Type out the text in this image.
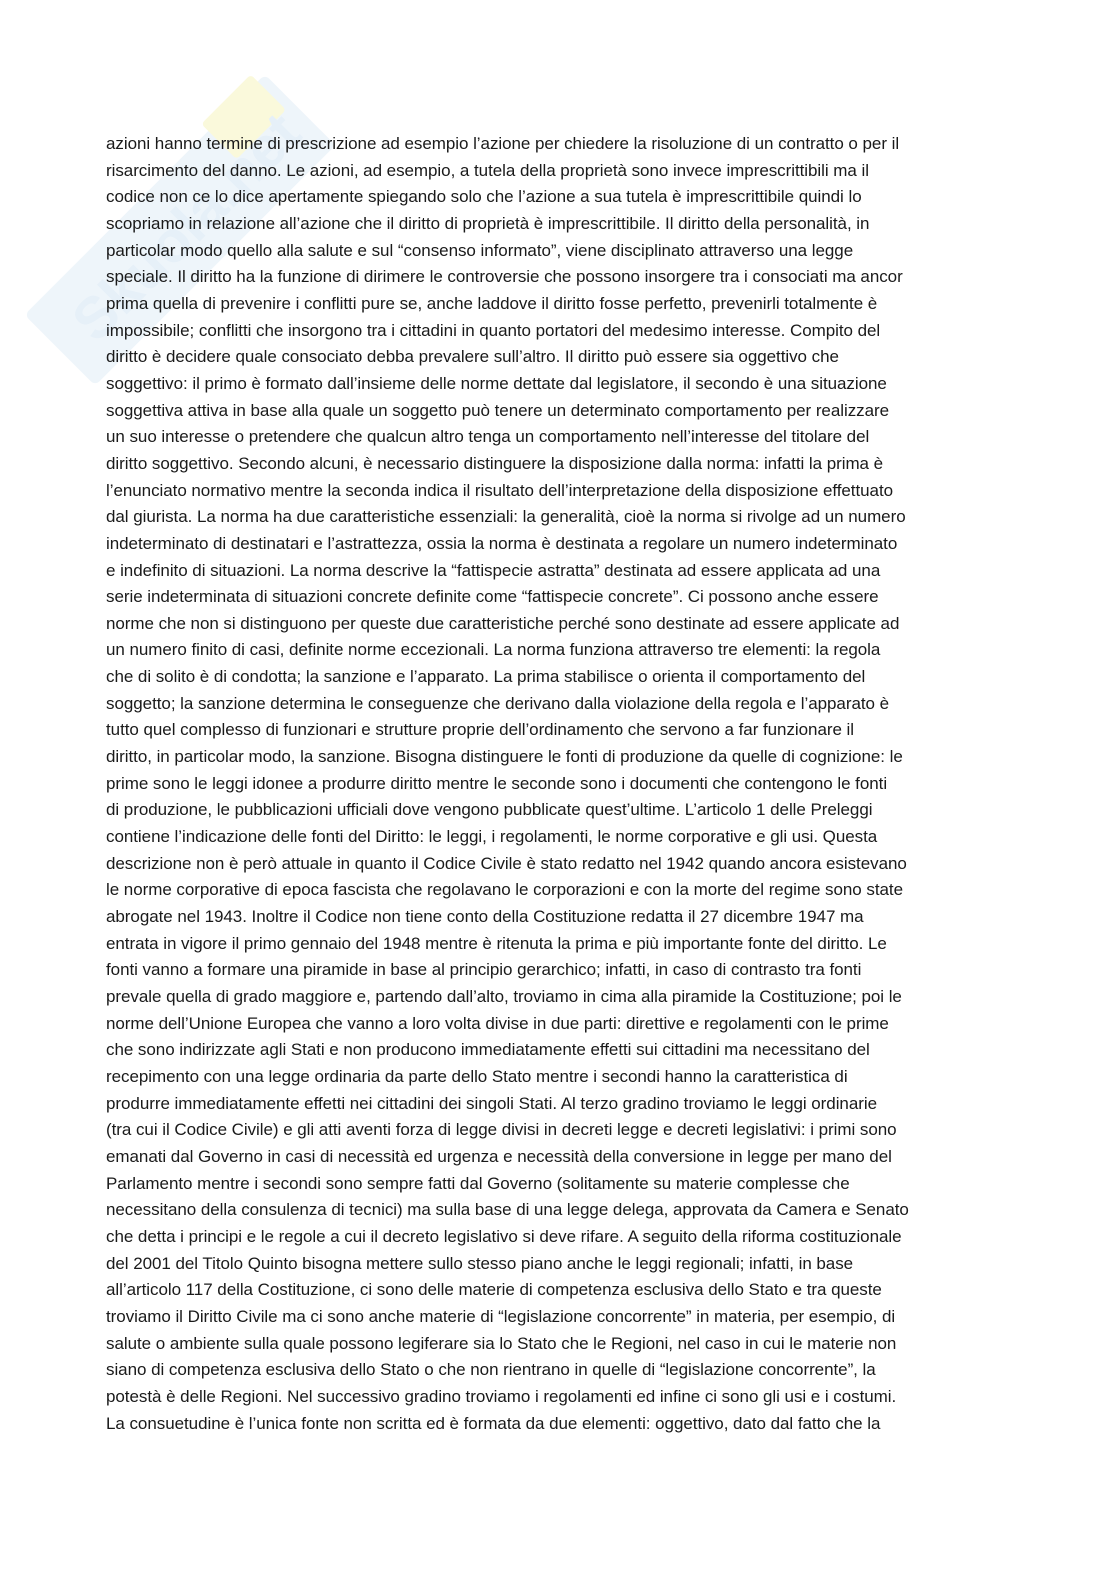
Skuola.net
azioni hanno termine di prescrizione ad esempio l’azione per chiedere la risoluzione di un contratto o per il
risarcimento del danno. Le azioni, ad esempio, a tutela della proprietà sono invece imprescrittibili ma il
codice non ce lo dice apertamente spiegando solo che l’azione a sua tutela è imprescrittibile quindi lo
scopriamo in relazione all’azione che il diritto di proprietà è imprescrittibile. Il diritto della personalità, in
particolar modo quello alla salute e sul “consenso informato”, viene disciplinato attraverso una legge
speciale. Il diritto ha la funzione di dirimere le controversie che possono insorgere tra i consociati ma ancor
prima quella di prevenire i conflitti pure se, anche laddove il diritto fosse perfetto, prevenirli totalmente è
impossibile; conflitti che insorgono tra i cittadini in quanto portatori del medesimo interesse. Compito del
diritto è decidere quale consociato debba prevalere sull’altro. Il diritto può essere sia oggettivo che
soggettivo: il primo è formato dall’insieme delle norme dettate dal legislatore, il secondo è una situazione
soggettiva attiva in base alla quale un soggetto può tenere un determinato comportamento per realizzare
un suo interesse o pretendere che qualcun altro tenga un comportamento nell’interesse del titolare del
diritto soggettivo. Secondo alcuni, è necessario distinguere la disposizione dalla norma: infatti la prima è
l’enunciato normativo mentre la seconda indica il risultato dell’interpretazione della disposizione effettuato
dal giurista. La norma ha due caratteristiche essenziali: la generalità, cioè la norma si rivolge ad un numero
indeterminato di destinatari e l’astrattezza, ossia la norma è destinata a regolare un numero indeterminato
e indefinito di situazioni. La norma descrive la “fattispecie astratta” destinata ad essere applicata ad una
serie indeterminata di situazioni concrete definite come “fattispecie concrete”. Ci possono anche essere
norme che non si distinguono per queste due caratteristiche perché sono destinate ad essere applicate ad
un numero finito di casi, definite norme eccezionali. La norma funziona attraverso tre elementi: la regola
che di solito è di condotta; la sanzione e l’apparato. La prima stabilisce o orienta il comportamento del
soggetto; la sanzione determina le conseguenze che derivano dalla violazione della regola e l’apparato è
tutto quel complesso di funzionari e strutture proprie dell’ordinamento che servono a far funzionare il
diritto, in particolar modo, la sanzione. Bisogna distinguere le fonti di produzione da quelle di cognizione: le
prime sono le leggi idonee a produrre diritto mentre le seconde sono i documenti che contengono le fonti
di produzione, le pubblicazioni ufficiali dove vengono pubblicate quest’ultime. L’articolo 1 delle Preleggi
contiene l’indicazione delle fonti del Diritto: le leggi, i regolamenti, le norme corporative e gli usi. Questa
descrizione non è però attuale in quanto il Codice Civile è stato redatto nel 1942 quando ancora esistevano
le norme corporative di epoca fascista che regolavano le corporazioni e con la morte del regime sono state
abrogate nel 1943. Inoltre il Codice non tiene conto della Costituzione redatta il 27 dicembre 1947 ma
entrata in vigore il primo gennaio del 1948 mentre è ritenuta la prima e più importante fonte del diritto. Le
fonti vanno a formare una piramide in base al principio gerarchico; infatti, in caso di contrasto tra fonti
prevale quella di grado maggiore e, partendo dall’alto, troviamo in cima alla piramide la Costituzione; poi le
norme dell’Unione Europea che vanno a loro volta divise in due parti: direttive e regolamenti con le prime
che sono indirizzate agli Stati e non producono immediatamente effetti sui cittadini ma necessitano del
recepimento con una legge ordinaria da parte dello Stato mentre i secondi hanno la caratteristica di
produrre immediatamente effetti nei cittadini dei singoli Stati. Al terzo gradino troviamo le leggi ordinarie
(tra cui il Codice Civile) e gli atti aventi forza di legge divisi in decreti legge e decreti legislativi: i primi sono
emanati dal Governo in casi di necessità ed urgenza e necessità della conversione in legge per mano del
Parlamento mentre i secondi sono sempre fatti dal Governo (solitamente su materie complesse che
necessitano della consulenza di tecnici) ma sulla base di una legge delega, approvata da Camera e Senato
che detta i principi e le regole a cui il decreto legislativo si deve rifare. A seguito della riforma costituzionale
del 2001 del Titolo Quinto bisogna mettere sullo stesso piano anche le leggi regionali; infatti, in base
all’articolo 117 della Costituzione, ci sono delle materie di competenza esclusiva dello Stato e tra queste
troviamo il Diritto Civile ma ci sono anche materie di “legislazione concorrente” in materia, per esempio, di
salute o ambiente sulla quale possono legiferare sia lo Stato che le Regioni, nel caso in cui le materie non
siano di competenza esclusiva dello Stato o che non rientrano in quelle di “legislazione concorrente”, la
potestà è delle Regioni. Nel successivo gradino troviamo i regolamenti ed infine ci sono gli usi e i costumi.
La consuetudine è l’unica fonte non scritta ed è formata da due elementi: oggettivo, dato dal fatto che la
